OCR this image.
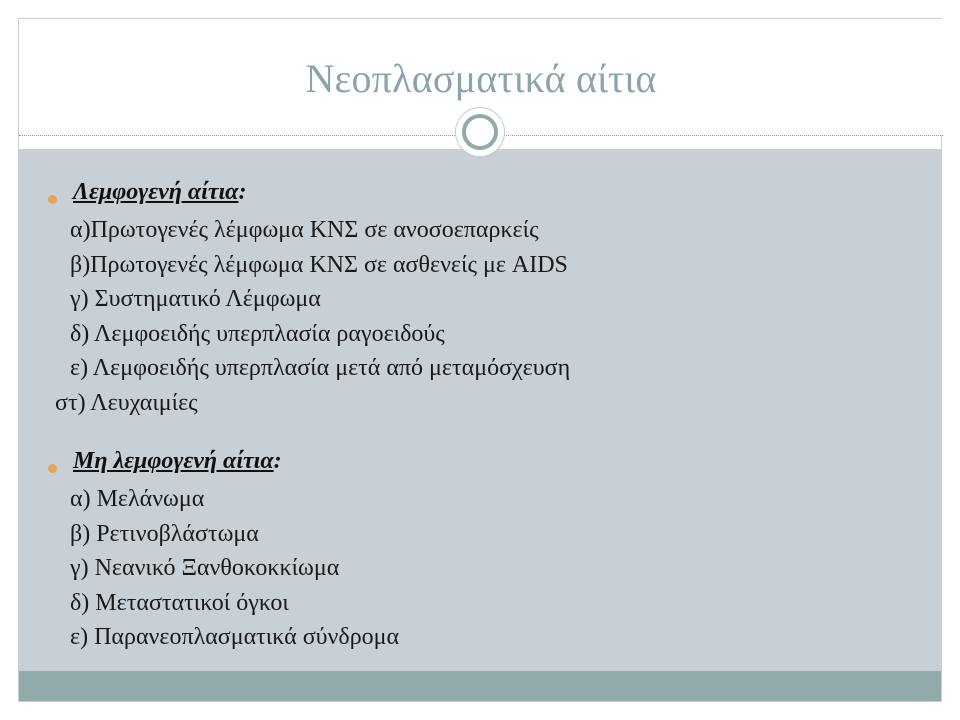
Νεοπλασματικά αίτια
Λεμφογενή αίτια:
α)Πρωτογενές λέμφωμα ΚΝΣ σε ανοσοεπαρκείς
β)Πρωτογενές λέμφωμα ΚΝΣ σε ασθενείς με AIDS
γ) Συστηματικό Λέμφωμα
δ) Λεμφοειδής υπερπλασία ραγοειδούς
ε) Λεμφοειδής υπερπλασία μετά από μεταμόσχευση
στ) Λευχαιμίες
Μη λεμφογενή αίτια:
α) Μελάνωμα
β) Ρετινοβλάστωμα
γ) Νεανικό Ξανθοκοκκίωμα
δ) Μεταστατικοί όγκοι
ε) Παρανεοπλασματικά σύνδρομα
